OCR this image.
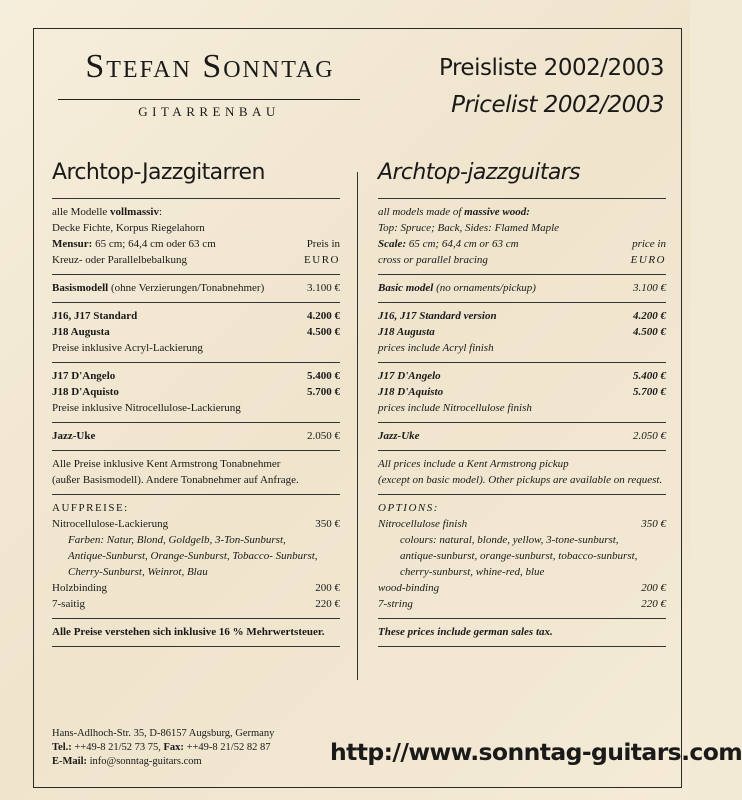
Stefan Sonntag
GITARRENBAU
Preisliste 2002/2003
Pricelist 2002/2003
Archtop-Jazzgitarren
alle Modelle vollmassiv:
Decke Fichte, Korpus Riegelahorn
Mensur: 65 cm; 64,4 cm oder 63 cm	Preis in
Kreuz- oder Parallelbebalkung	EURO
Basismodell (ohne Verzierungen/Tonabnehmer)	3.100 €
J16, J17 Standard	4.200 €
J18 Augusta	4.500 €
Preise inklusive Acryl-Lackierung
J17 D'Angelo	5.400 €
J18 D'Aquisto	5.700 €
Preise inklusive Nitrocellulose-Lackierung
Jazz-Uke	2.050 €
Alle Preise inklusive Kent Armstrong Tonabnehmer
(außer Basismodell). Andere Tonabnehmer auf Anfrage.
AUFPREISE:
Nitrocellulose-Lackierung	350 €
Farben: Natur, Blond, Goldgelb, 3-Ton-Sunburst,
Antique-Sunburst, Orange-Sunburst, Tobacco- Sunburst,
Cherry-Sunburst, Weinrot, Blau
Holzbinding	200 €
7-saitig	220 €
Alle Preise verstehen sich inklusive 16 % Mehrwertsteuer.
Archtop-jazzguitars
all models made of massive wood:
Top: Spruce; Back, Sides: Flamed Maple
Scale: 65 cm; 64,4 cm or 63 cm	price in
cross or parallel bracing	EURO
Basic model (no ornaments/pickup)	3.100 €
J16, J17 Standard version	4.200 €
J18 Augusta	4.500 €
prices include Acryl finish
J17 D'Angelo	5.400 €
J18 D'Aquisto	5.700 €
prices include Nitrocellulose finish
Jazz-Uke	2.050 €
All prices include a Kent Armstrong pickup
(except on basic model). Other pickups are available on request.
OPTIONS:
Nitrocellulose finish	350 €
colours: natural, blonde, yellow, 3-tone-sunburst,
antique-sunburst, orange-sunburst, tobacco-sunburst,
cherry-sunburst, whine-red, blue
wood-binding	200 €
7-string	220 €
These prices include german sales tax.
Hans-Adlhoch-Str. 35, D-86157 Augsburg, Germany
Tel.: ++49-8 21/52 73 75, Fax: ++49-8 21/52 82 87
E-Mail: info@sonntag-guitars.com	http://www.sonntag-guitars.com
